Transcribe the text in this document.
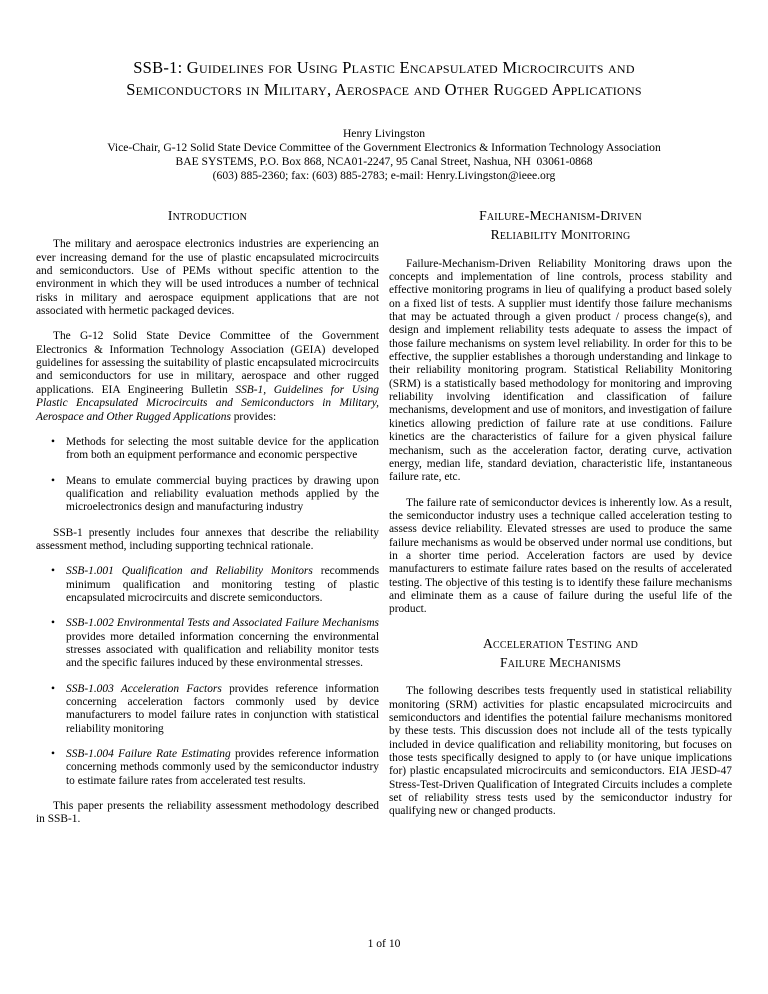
SSB-1: Guidelines for Using Plastic Encapsulated Microcircuits and
Semiconductors in Military, Aerospace and Other Rugged Applications
Henry Livingston
Vice-Chair, G-12 Solid State Device Committee of the Government Electronics & Information Technology Association
BAE SYSTEMS, P.O. Box 868, NCA01-2247, 95 Canal Street, Nashua, NH  03061-0868
(603) 885-2360; fax: (603) 885-2783; e-mail: Henry.Livingston@ieee.org
Introduction

The military and aerospace electronics industries are experiencing an ever increasing demand for the use of plastic encapsulated microcircuits and semiconductors. Use of PEMs without specific attention to the environment in which they will be used introduces a number of technical risks in military and aerospace equipment applications that are not associated with hermetic packaged devices.

The G-12 Solid State Device Committee of the Government Electronics & Information Technology Association (GEIA) developed guidelines for assessing the suitability of plastic encapsulated microcircuits and semiconductors for use in military, aerospace and other rugged applications. EIA Engineering Bulletin SSB-1, Guidelines for Using Plastic Encapsulated Microcircuits and Semiconductors in Military, Aerospace and Other Rugged Applications provides:

• Methods for selecting the most suitable device for the application from both an equipment performance and economic perspective
• Means to emulate commercial buying practices by drawing upon qualification and reliability evaluation methods applied by the microelectronics design and manufacturing industry

SSB-1 presently includes four annexes that describe the reliability assessment method, including supporting technical rationale.

• SSB-1.001 Qualification and Reliability Monitors recommends minimum qualification and monitoring testing of plastic encapsulated microcircuits and discrete semiconductors.
• SSB-1.002 Environmental Tests and Associated Failure Mechanisms provides more detailed information concerning the environmental stresses associated with qualification and reliability monitor tests and the specific failures induced by these environmental stresses.
• SSB-1.003 Acceleration Factors provides reference information concerning acceleration factors commonly used by device manufacturers to model failure rates in conjunction with statistical reliability monitoring
• SSB-1.004 Failure Rate Estimating provides reference information concerning methods commonly used by the semiconductor industry to estimate failure rates from accelerated test results.

This paper presents the reliability assessment methodology described in SSB-1.

Failure-Mechanism-Driven
Reliability Monitoring

Failure-Mechanism-Driven Reliability Monitoring draws upon the concepts and implementation of line controls, process stability and effective monitoring programs in lieu of qualifying a product based solely on a fixed list of tests. A supplier must identify those failure mechanisms that may be actuated through a given product / process change(s), and design and implement reliability tests adequate to assess the impact of those failure mechanisms on system level reliability. In order for this to be effective, the supplier establishes a thorough understanding and linkage to their reliability monitoring program. Statistical Reliability Monitoring (SRM) is a statistically based methodology for monitoring and improving reliability involving identification and classification of failure mechanisms, development and use of monitors, and investigation of failure kinetics allowing prediction of failure rate at use conditions. Failure kinetics are the characteristics of failure for a given physical failure mechanism, such as the acceleration factor, derating curve, activation energy, median life, standard deviation, characteristic life, instantaneous failure rate, etc.

The failure rate of semiconductor devices is inherently low. As a result, the semiconductor industry uses a technique called acceleration testing to assess device reliability. Elevated stresses are used to produce the same failure mechanisms as would be observed under normal use conditions, but in a shorter time period. Acceleration factors are used by device manufacturers to estimate failure rates based on the results of accelerated testing. The objective of this testing is to identify these failure mechanisms and eliminate them as a cause of failure during the useful life of the product.

Acceleration Testing and
Failure Mechanisms

The following describes tests frequently used in statistical reliability monitoring (SRM) activities for plastic encapsulated microcircuits and semiconductors and identifies the potential failure mechanisms monitored by these tests. This discussion does not include all of the tests typically included in device qualification and reliability monitoring, but focuses on those tests specifically designed to apply to (or have unique implications for) plastic encapsulated microcircuits and semiconductors. EIA JESD-47 Stress-Test-Driven Qualification of Integrated Circuits includes a complete set of reliability stress tests used by the semiconductor industry for qualifying new or changed products.

1 of 10
